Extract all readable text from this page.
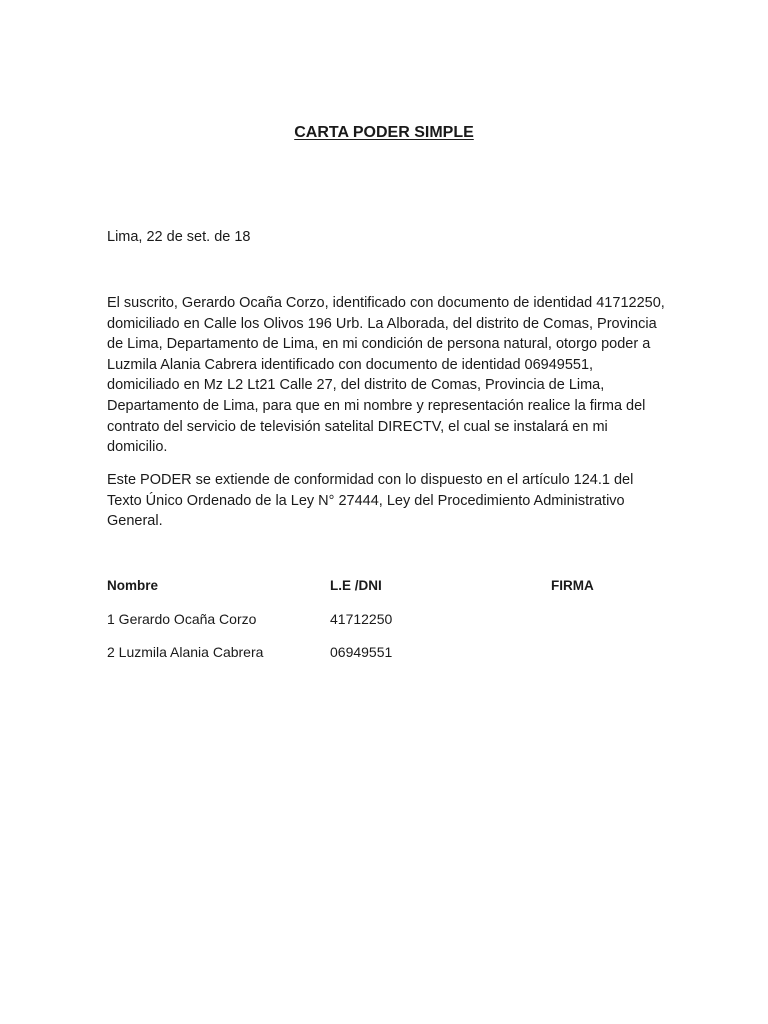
CARTA PODER SIMPLE

Lima, 22 de set. de 18

El suscrito, Gerardo Ocaña Corzo, identificado con documento de identidad 41712250, domiciliado en Calle los Olivos 196 Urb. La Alborada, del distrito de Comas, Provincia de Lima, Departamento de Lima, en mi condición de persona natural, otorgo poder a Luzmila Alania Cabrera identificado con documento de identidad 06949551, domiciliado en Mz L2 Lt21 Calle 27, del distrito de Comas, Provincia de Lima, Departamento de Lima, para que en mi nombre y representación realice la firma del contrato del servicio de televisión satelital DIRECTV, el cual se instalará en mi domicilio.

Este PODER se extiende de conformidad con lo dispuesto en el artículo 124.1 del Texto Único Ordenado de la Ley N° 27444, Ley del Procedimiento Administrativo General.

Nombre	L.E /DNI	FIRMA
1 Gerardo Ocaña Corzo	41712250
2 Luzmila Alania Cabrera	06949551
